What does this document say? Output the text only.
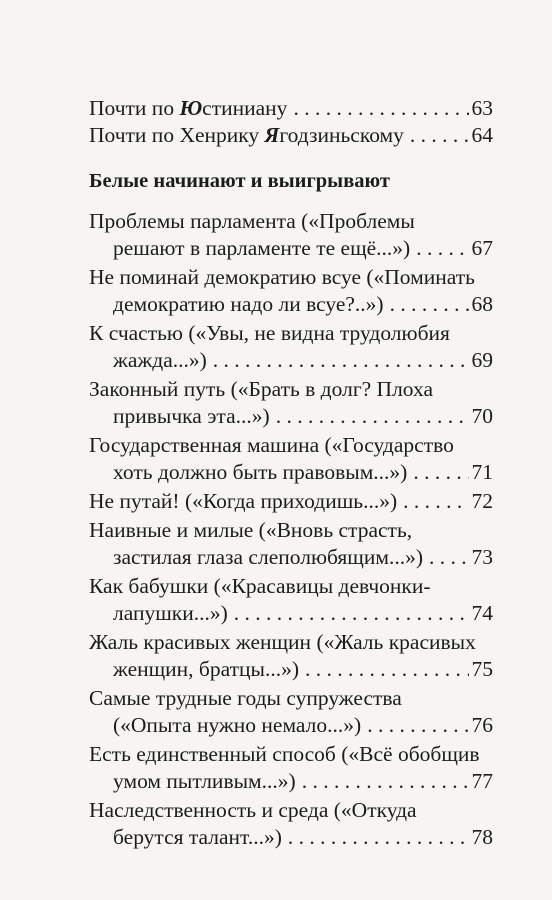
Почти по Юстиниану . . .	63
Почти по Хенрику Ягодзиньскому . . .	64
Белые начинают и выигрывают
Проблемы парламента («Проблемы
решают в парламенте те ещё...») . . .	67
Не поминай демократию всуе («Поминать
демократию надо ли всуе?..») . . .	68
К счастью («Увы, не видна трудолюбия
жажда...») . . .	69
Законный путь («Брать в долг? Плоха
привычка эта...») . . .	70
Государственная машина («Государство
хоть должно быть правовым...») . . .	71
Не путай! («Когда приходишь...») . . .	72
Наивные и милые («Вновь страсть,
застилая глаза слеполюбящим...») . . . 73
Как бабушки («Красавицы девчонки-
лапушки...») . . .	74
Жаль красивых женщин («Жаль красивых
женщин, братцы...») . . .	75
Самые трудные годы супружества
(«Опыта нужно немало...») . . .	76
Есть единственный способ («Всё обобщив
умом пытливым...») . . .	77
Наследственность и среда («Откуда
берутся талант...») . . .	78
